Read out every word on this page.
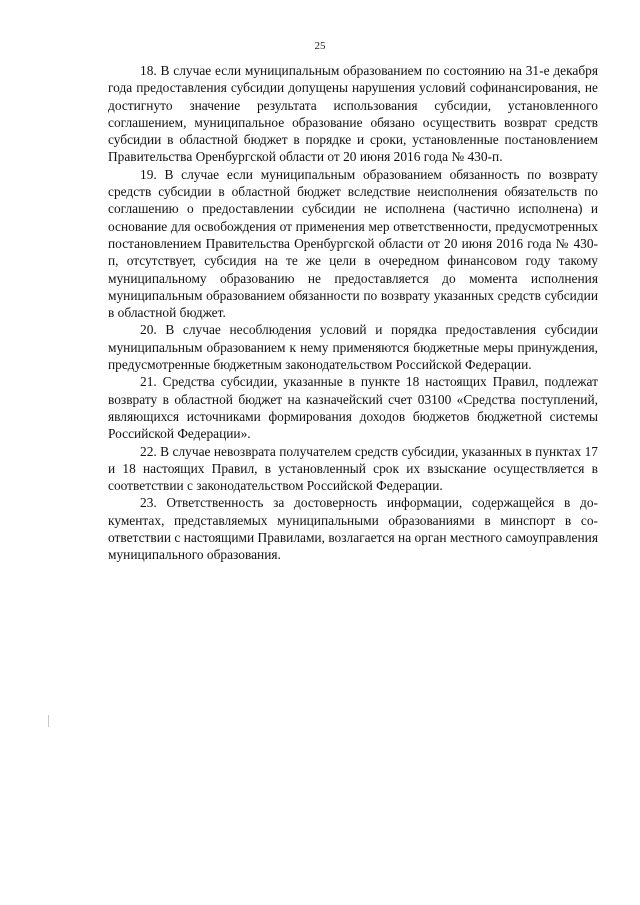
25

18. В случае если муниципальным образованием по состоянию на 31-е декабря года предоставления субсидии допущены нарушения условий софинансирования, не достигнуто значение результата использования субсидии, установленного соглашением, муниципальное образование обязано осуществить возврат средств субсидии в областной бюджет в порядке и сроки, установленные постановлением Правительства Оренбургской области от 20 июня 2016 года № 430-п.

19. В случае если муниципальным образованием обязанность по возврату средств субсидии в областной бюджет вследствие неисполнения обязательств по соглашению о предоставлении субсидии не исполнена (частично исполнена) и основание для освобождения от применения мер ответственности, предусмотренных постановлением Правительства Оренбургской области от 20 июня 2016 года № 430-п, отсутствует, субсидия на те же цели в очередном финансовом году такому муниципальному образованию не предоставляется до момента исполнения муниципальным образованием обязанности по возврату указанных средств субсидии в областной бюджет.

20. В случае несоблюдения условий и порядка предоставления субсидии муниципальным образованием к нему применяются бюджетные меры принуждения, предусмотренные бюджетным законодательством Российской Федерации.

21. Средства субсидии, указанные в пункте 18 настоящих Правил, подлежат возврату в областной бюджет на казначейский счет 03100 «Средства поступлений, являющихся источниками формирования доходов бюджетов бюджетной системы Российской Федерации».

22. В случае невозврата получателем средств субсидии, указанных в пунктах 17 и 18 настоящих Правил, в установленный срок их взыскание осуществляется в соответствии с законодательством Российской Федерации.

23. Ответственность за достоверность информации, содержащейся в документах, представляемых муниципальными образованиями в минспорт в соответствии с настоящими Правилами, возлагается на орган местного самоуправления муниципального образования.
